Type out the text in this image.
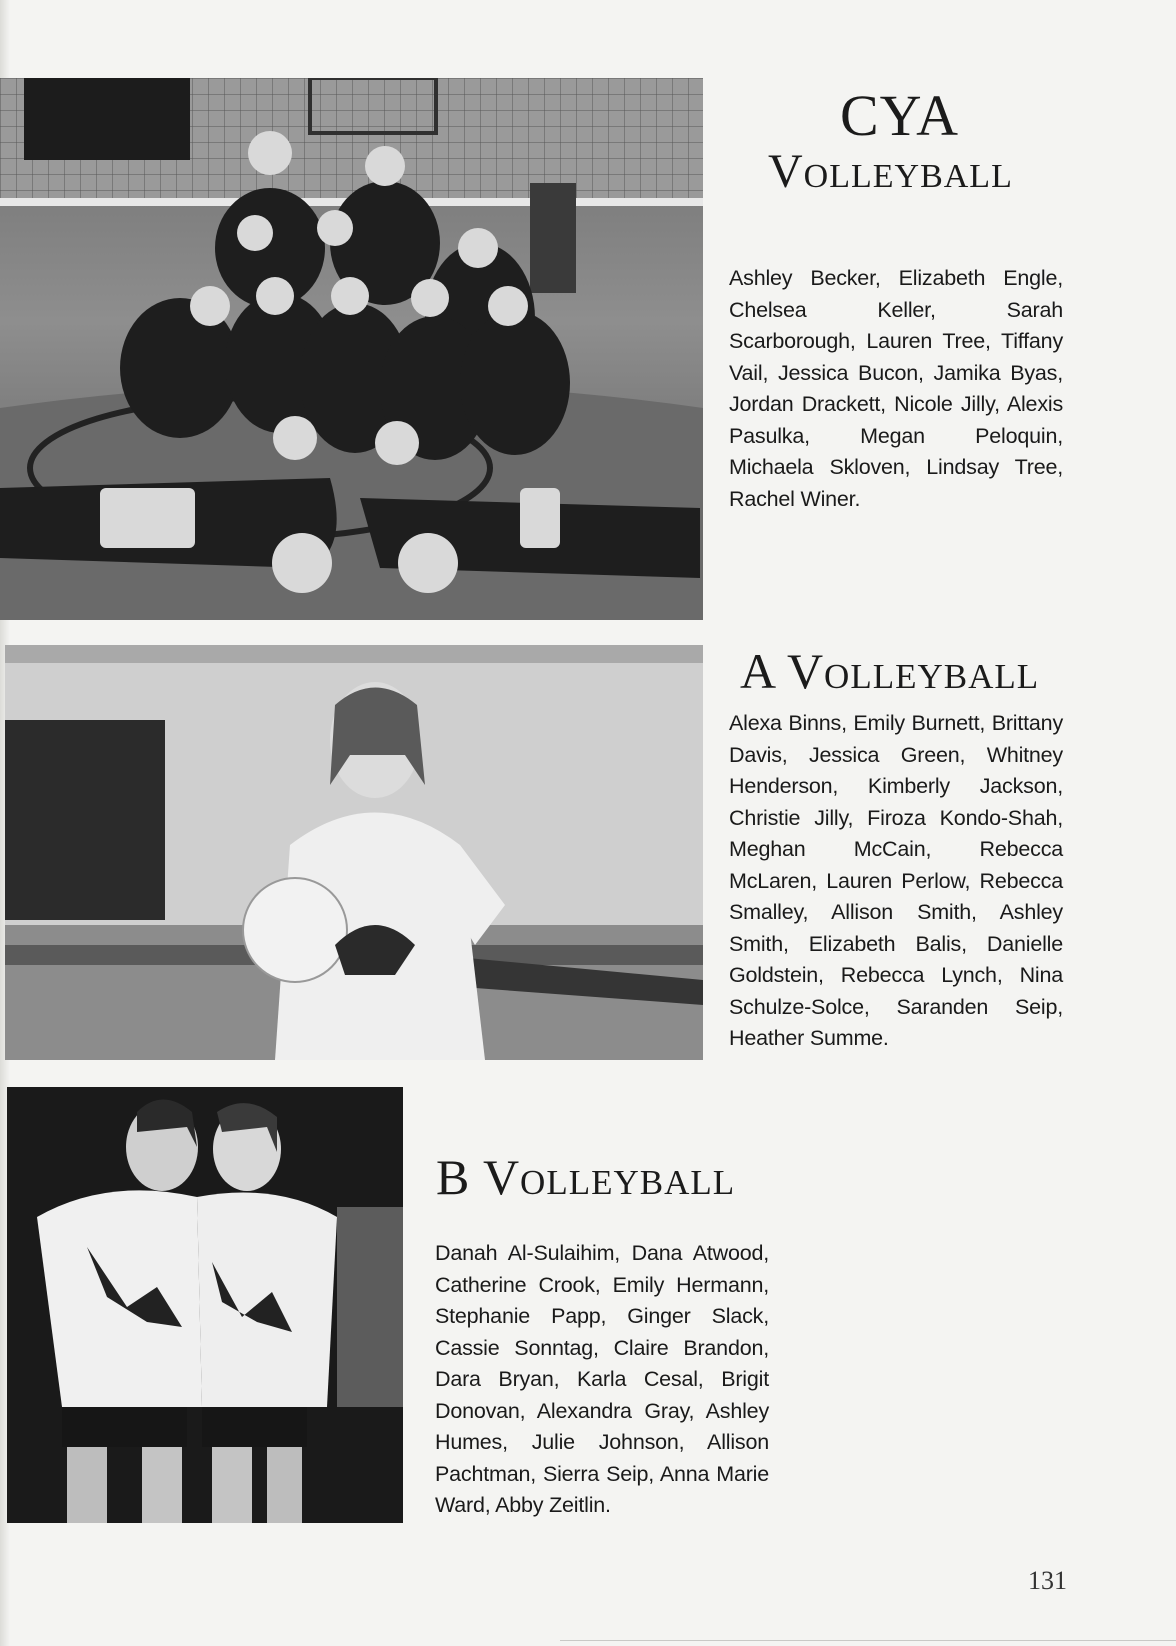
CYA
Volleyball

Ashley Becker, Elizabeth Engle, Chelsea Keller, Sarah Scarborough, Lauren Tree, Tiffany Vail, Jessica Bucon, Jamika Byas, Jordan Drackett, Nicole Jilly, Alexis Pasulka, Megan Peloquin, Michaela Skloven, Lindsay Tree, Rachel Winer.

A Volleyball

Alexa Binns, Emily Burnett, Brittany Davis, Jessica Green, Whitney Henderson, Kimberly Jackson, Christie Jilly, Firoza Kondo-Shah, Meghan McCain, Rebecca McLaren, Lauren Perlow, Rebecca Smalley, Allison Smith, Ashley Smith, Elizabeth Balis, Danielle Goldstein, Rebecca Lynch, Nina Schulze-Solce, Saranden Seip, Heather Summe.

B Volleyball

Danah Al-Sulaihim, Dana Atwood, Catherine Crook, Emily Hermann, Stephanie Papp, Ginger Slack, Cassie Sonntag, Claire Brandon, Dara Bryan, Karla Cesal, Brigit Donovan, Alexandra Gray, Ashley Humes, Julie Johnson, Allison Pachtman, Sierra Seip, Anna Marie Ward, Abby Zeitlin.

131
